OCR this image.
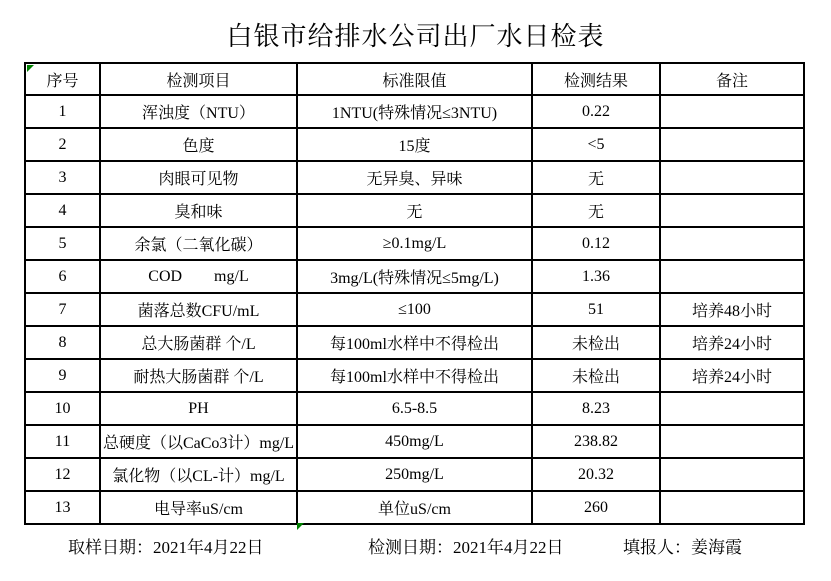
白银市给排水公司出厂水日检表
序号	检测项目	标准限值	检测结果	备注
1	浑浊度（NTU）	1NTU(特殊情况≤3NTU)	0.22	
2	色度	15度	<5	
3	肉眼可见物	无异臭、异味	无	
4	臭和味	无	无	
5	余氯（二氧化碳）	≥0.1mg/L	0.12	
6	COD        mg/L	3mg/L(特殊情况≤5mg/L)	1.36	
7	菌落总数CFU/mL	≤100	51	培养48小时
8	总大肠菌群 个/L	每100ml水样中不得检出	未检出	培养24小时
9	耐热大肠菌群 个/L	每100ml水样中不得检出	未检出	培养24小时
10	PH	6.5-8.5	8.23	
11	总硬度（以CaCo3计）mg/L	450mg/L	238.82	
12	氯化物（以CL-计）mg/L	250mg/L	20.32	
13	电导率uS/cm	单位uS/cm	260	
取样日期：2021年4月22日	检测日期：2021年4月22日	填报人：姜海霞
